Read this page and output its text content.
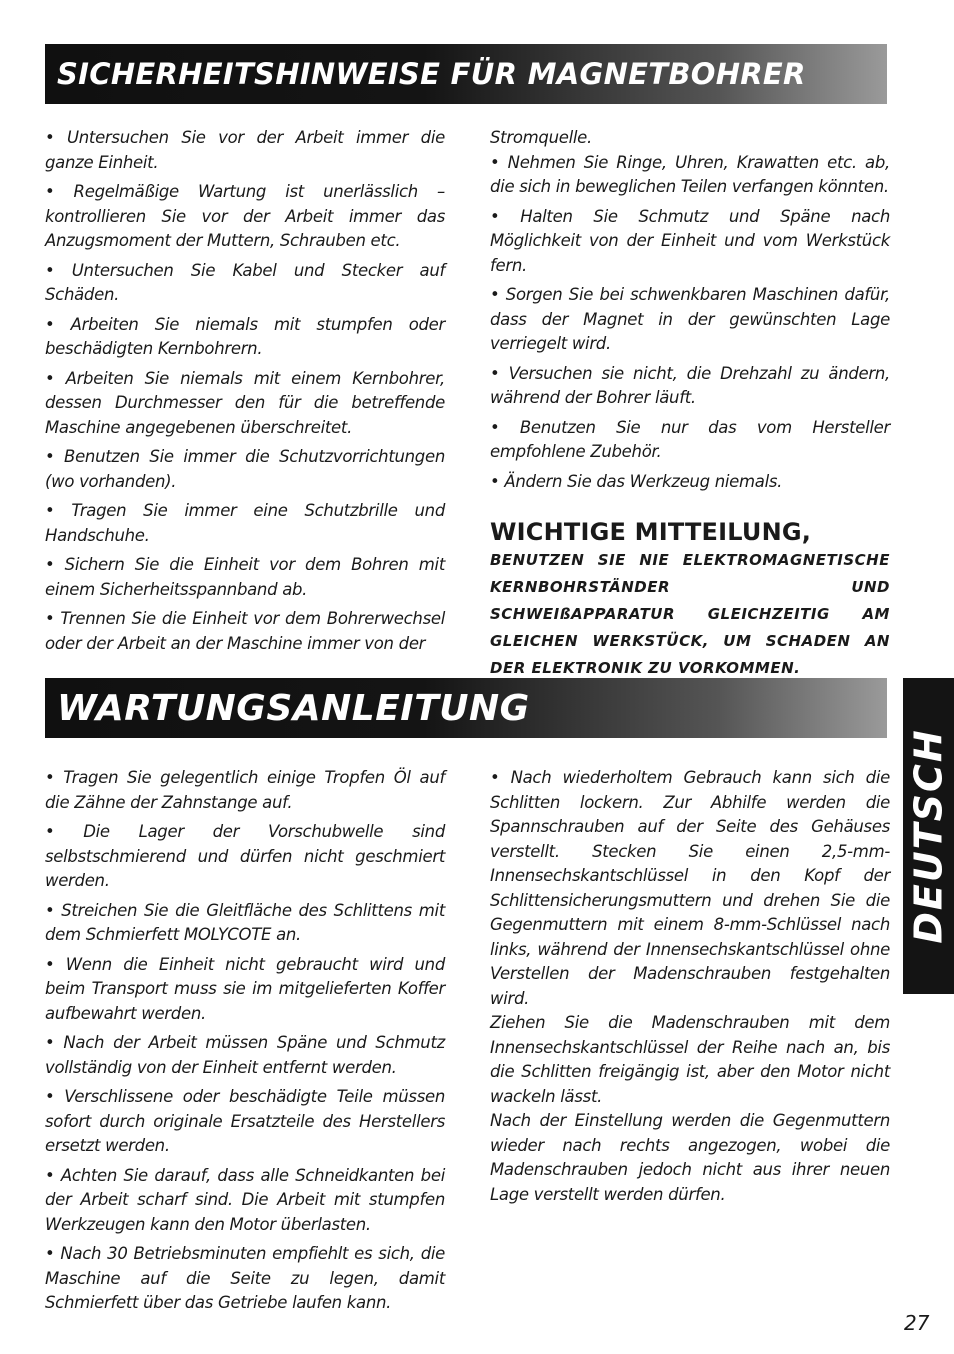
SICHERHEITSHINWEISE FÜR MAGNETBOHRER

• Untersuchen Sie vor der Arbeit immer die ganze Einheit.

• Regelmäßige Wartung ist unerlässlich – kontrollieren Sie vor der Arbeit immer das Anzugsmoment der Muttern, Schrauben etc.

• Untersuchen Sie Kabel und Stecker auf Schäden.

• Arbeiten Sie niemals mit stumpfen oder beschädigten Kernbohrern.

• Arbeiten Sie niemals mit einem Kernbohrer, dessen Durchmesser den für die betreffende Maschine angegebenen überschreitet.

• Benutzen Sie immer die Schutzvorrichtungen (wo vorhanden).

• Tragen Sie immer eine Schutzbrille und Handschuhe.

• Sichern Sie die Einheit vor dem Bohren mit einem Sicherheitsspannband ab.

• Trennen Sie die Einheit vor dem Bohrerwechsel oder der Arbeit an der Maschine immer von der

Stromquelle.

• Nehmen Sie Ringe, Uhren, Krawatten etc. ab, die sich in beweglichen Teilen verfangen könnten.

• Halten Sie Schmutz und Späne nach Möglichkeit von der Einheit und vom Werkstück fern.

• Sorgen Sie bei schwenkbaren Maschinen dafür, dass der Magnet in der gewünschten Lage verriegelt wird.

• Versuchen sie nicht, die Drehzahl zu ändern, während der Bohrer läuft.

• Benutzen Sie nur das vom Hersteller empfohlene Zubehör.

• Ändern Sie das Werkzeug niemals.

WICHTIGE MITTEILUNG,

BENUTZEN SIE NIE ELEKTROMAGNETISCHE KERNBOHRSTÄNDER UND SCHWEIßAPPARATUR GLEICHZEITIG AM GLEICHEN WERKSTÜCK, UM SCHADEN AN DER ELEKTRONIK ZU VORKOMMEN.

WARTUNGSANLEITUNG

• Tragen Sie gelegentlich einige Tropfen Öl auf die Zähne der Zahnstange auf.

• Die Lager der Vorschubwelle sind selbstschmierend und dürfen nicht geschmiert werden.

• Streichen Sie die Gleitfläche des Schlittens mit dem Schmierfett MOLYCOTE an.

• Wenn die Einheit nicht gebraucht wird und beim Transport muss sie im mitgelieferten Koffer aufbewahrt werden.

• Nach der Arbeit müssen Späne und Schmutz vollständig von der Einheit entfernt werden.

• Verschlissene oder beschädigte Teile müssen sofort durch originale Ersatzteile des Herstellers ersetzt werden.

• Achten Sie darauf, dass alle Schneidkanten bei der Arbeit scharf sind. Die Arbeit mit stumpfen Werkzeugen kann den Motor überlasten.

• Nach 30 Betriebsminuten empfiehlt es sich, die Maschine auf die Seite zu legen, damit Schmierfett über das Getriebe laufen kann.

• Nach wiederholtem Gebrauch kann sich die Schlitten lockern. Zur Abhilfe werden die Spannschrauben auf der Seite des Gehäuses verstellt. Stecken Sie einen 2,5-mm-Innensechskantschlüssel in den Kopf der Schlittensicherungsmuttern und drehen Sie die Gegenmuttern mit einem 8-mm-Schlüssel nach links, während der Innensechskantschlüssel ohne Verstellen der Madenschrauben festgehalten wird.

Ziehen Sie die Madenschrauben mit dem Innensechskantschlüssel der Reihe nach an, bis die Schlitten freigängig ist, aber den Motor nicht wackeln lässt.

Nach der Einstellung werden die Gegenmuttern wieder nach rechts angezogen, wobei die Madenschrauben jedoch nicht aus ihrer neuen Lage verstellt werden dürfen.

DEUTSCH
27
